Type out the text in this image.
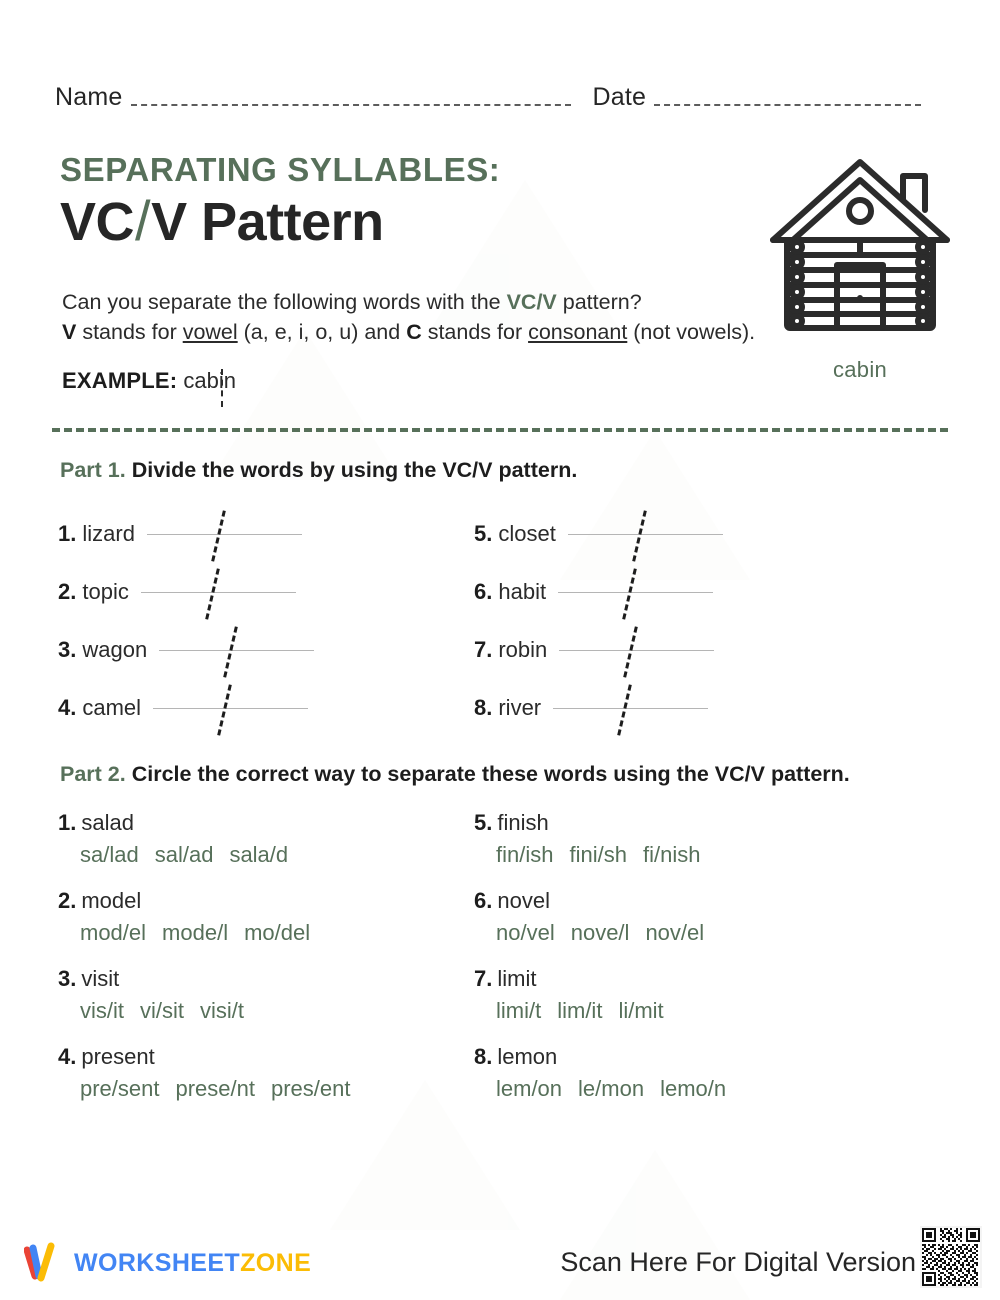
Name	Date
SEPARATING SYLLABLES:
VC/V Pattern
Can you separate the following words with the VC/V pattern?
V stands for vowel (a, e, i, o, u) and C stands for consonant (not vowels).
EXAMPLE: cab
in	cabin
Part 1. Divide the words by using the VC/V pattern.
1. lizard
2. topic
3. wagon
4. camel
5. closet
6. habit
7. robin
8. river
Part 2. Circle the correct way to separate these words using the VC/V pattern.
1. salad
sa/lad sal/ad sala/d
2. model
mod/el mode/l mo/del
3. visit
vis/it vi/sit visi/t
4. present
pre/sent prese/nt pres/ent
5. finish
fin/ish fini/sh fi/nish
6. novel
no/vel nove/l nov/el
7. limit
limi/t lim/it li/mit
8. lemon
lem/on le/mon lemo/n
WORKSHEETZONE	Scan Here For Digital Version
